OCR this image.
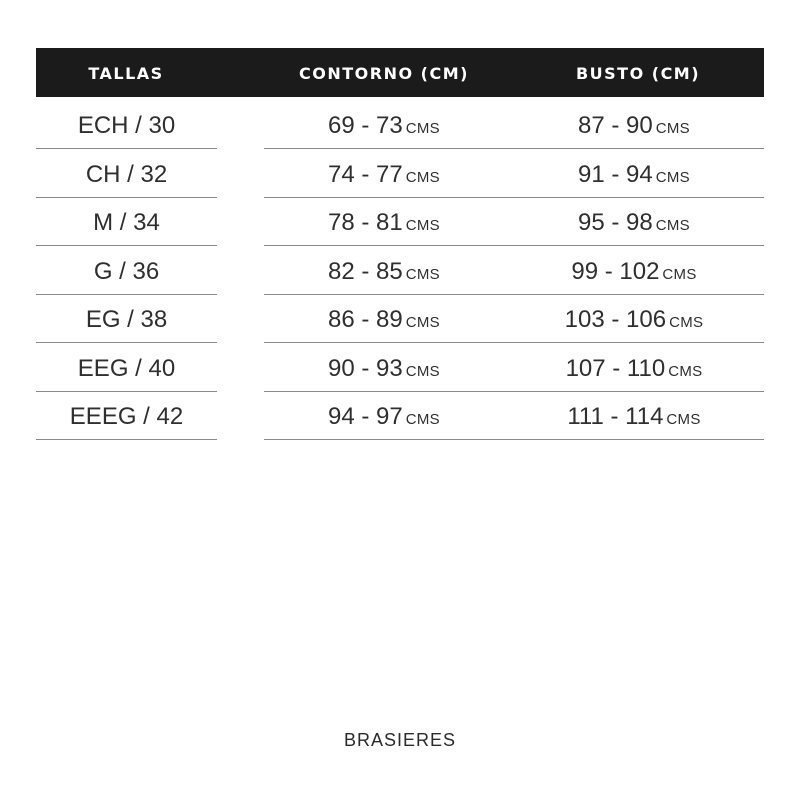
TALLAS	CONTORNO (CM)	BUSTO (CM)
ECH / 30	69 - 73 CMS	87 - 90 CMS
CH / 32	74 - 77 CMS	91 - 94 CMS
M / 34	78 - 81 CMS	95 - 98 CMS
G / 36	82 - 85 CMS	99 - 102 CMS
EG / 38	86 - 89 CMS	103 - 106 CMS
EEG / 40	90 - 93 CMS	107 - 110 CMS
EEEG / 42	94 - 97 CMS	111 - 114 CMS
BRASIERES
